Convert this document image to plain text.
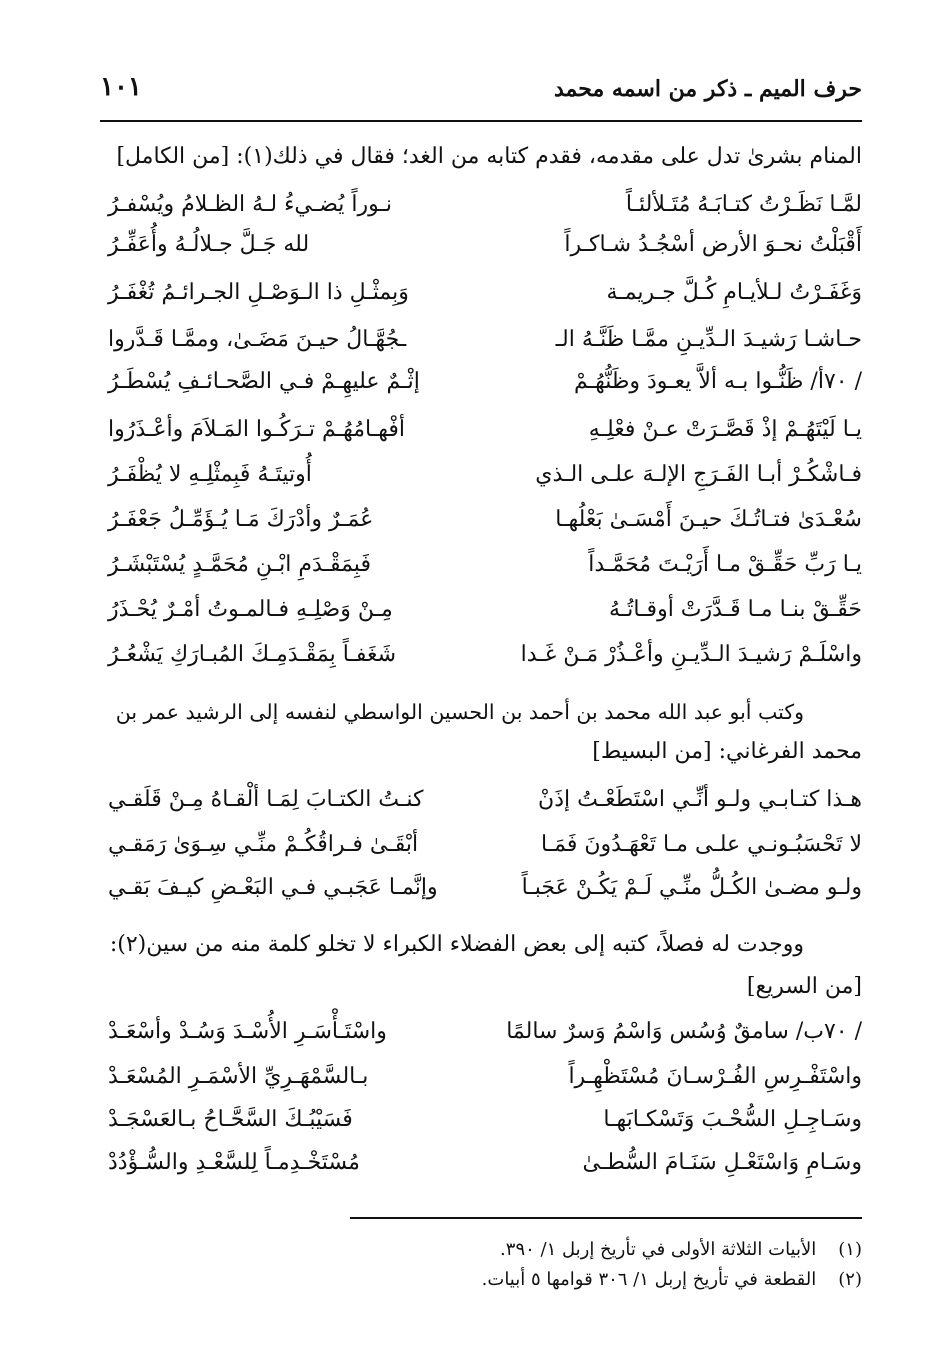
حرف الميم ـ ذكر من اسمه محمد
١٠١
المنام بشرىٰ تدل على مقدمه، فقدم كتابه من الغد؛ فقال في ذلك(١): [من الكامل]
لمَّـا نَظَـرْتُ كتـابَـهُ مُتَـلألئـاً
نـوراً يُضـيءُ لـهُ الظـلامُ ويُسْفـرُ
أَقْبَلْتُ نحـوَ الأرض أسْجُـدُ شـاكـراً
لله جَـلَّ جـلالُـهُ وأُعَفِّـرُ
وَغَفَـرْتُ لـلأيـامِ كُـلَّ جـريمـة
وَبِمثْـلِ ذا الـوَصْـلِ الجـرائـمُ تُغْفَـرُ
حـاشـا رَشيـدَ الـدِّيـنِ ممَّـا ظَنَّـهُ الـ
ـجُهَّـالُ حيـنَ مَضَـىٰ، وممَّـا قَـدَّروا
/ ٧٠أ/ ظَنُّـوا بـه ألاَّ يعـودَ وظَنُّهُـمْ
إثْـمٌ عليهِـمْ فـي الصَّحـائـفِ يُسْطَـرُ
يـا لَيْتَهُـمْ إذْ قَصَّـرَتْ عـنْ فعْلِـهِ
أفْهـامُهُـمْ تـرَكُـوا المَـلاَمَ وأعْـذَرُوا
فـاشْكُـرْ أبـا الفَـرَجِ الإلـهَ علـى الـذي
أُوتيتَـهُ فَبِمثْلِـهِ لا يُظْفَـرُ
سُعْـدَىٰ فتـاتُـكَ حيـنَ أَمْسَـىٰ بَعْلُهـا
عُمَـرٌ وأدْرَكَ مَـا يُـؤَمِّـلُ جَعْفَـرُ
يـا رَبِّ حَقِّـقْ مـا أَرَيْـتَ مُحَمَّـداً
فَبِمَقْـدَمِ ابْـنِ مُحَمَّـدٍ يُسْتَبْشَـرُ
حَقِّـقْ بنـا مـا قَـدَّرَتْ أوقـاتُـهُ
مِـنْ وَصْلِـهِ فـالمـوتُ أمْـرٌ يُحْـذَرُ
واسْلَـمْ رَشيـدَ الـدِّيـنِ وأعْـذُرْ مَـنْ غَـدا
شَغَفـاً بِمَقْـدَمِـكَ المُبـارَكِ يَشْعُـرُ
وكتب أبو عبد الله محمد بن أحمد بن الحسين الواسطي لنفسه إلى الرشيد عمر بن
محمد الفرغاني: [من البسيط]
هـذا كتـابـي ولـو أنِّـي اسْتَطَعْـتُ إذَنْ
كنـتُ الكتـابَ لِمَـا ألْقـاهُ مِـنْ قَلَقـي
لا تَحْسَبُـونـي علـى مـا تَعْهَـدُونَ فَمَـا
أبْقَـىٰ فـراقُكُـمْ منِّـي سِـوَىٰ رَمَقـي
ولـو مضـىٰ الكُـلُّ منِّـي لَـمْ يَكُـنْ عَجَبـاً
وإنَّمـا عَجَبـي فـي البَعْـضِ كيـفَ بَقـي
ووجدت له فصلاً، كتبه إلى بعض الفضلاء الكبراء لا تخلو كلمة منه من سين(٢):
[من السريع]
/ ٧٠ب/ سامقٌ وُسُس وَاسْمُ وَسرٌ سالمًا
واسْتَـأْسَـرِ الأُسْـدَ وَسُـدْ وأسْعَـدْ
واسْتَفْـرِسِ الفُـرْسـانَ مُسْتَظْهِـراً
بـالسَّمْهَـرِيِّ الأسْمَـرِ المُسْعَـدْ
وسَـاجِـلِ السُّحْـبَ وَتَسْكـابَهـا
فَسَيْبُـكَ السَّحَّـاحُ بـالعَسْجَـدْ
وسَـامِ وَاسْتَعْـلِ سَنَـامَ السُّطـىٰ
مُسْتَخْـدِمـاً لِلسَّعْـدِ والسُّـؤْدُدْ
(١)الأبيات الثلاثة الأولى في تأريخ إربل ١/ ٣٩٠.
(٢)القطعة في تأريخ إربل ١/ ٣٠٦ قوامها ٥ أبيات.
